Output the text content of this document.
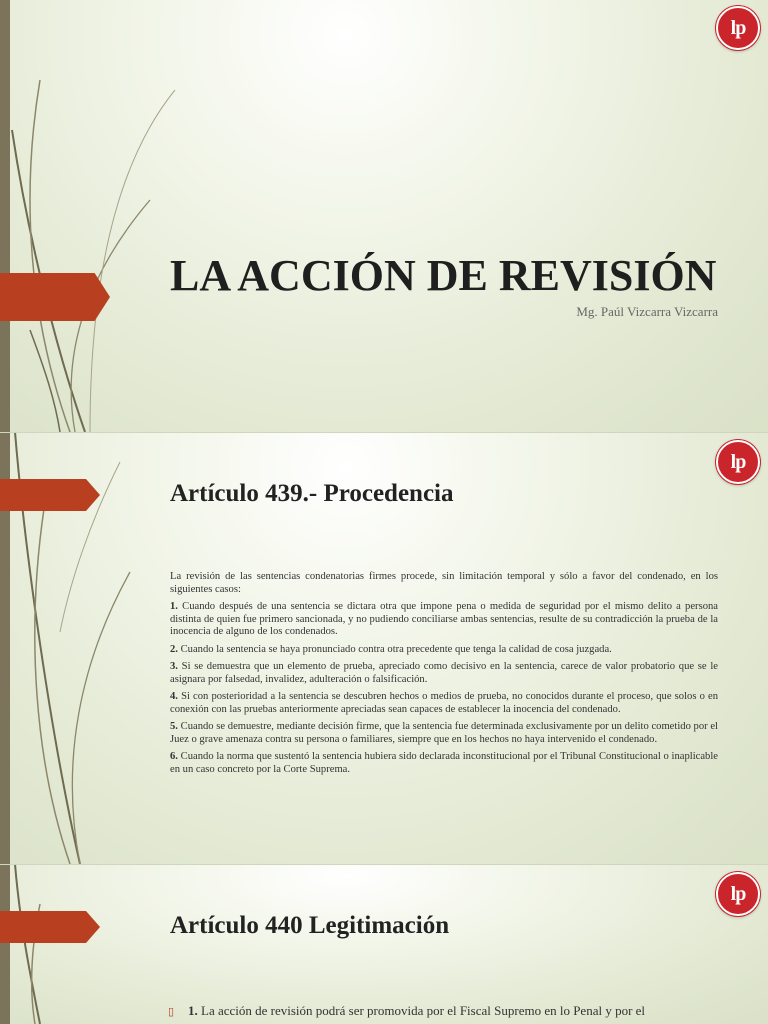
lp
LA ACCIÓN DE REVISIÓN

Mg. Paúl Vizcarra Vizcarra

lp
Artículo 439.- Procedencia

La revisión de las sentencias condenatorias firmes procede, sin limitación temporal y sólo a favor del condenado, en los siguientes casos:

1. Cuando después de una sentencia se dictara otra que impone pena o medida de seguridad por el mismo delito a persona distinta de quien fue primero sancionada, y no pudiendo conciliarse ambas sentencias, resulte de su contradicción la prueba de la inocencia de alguno de los condenados.

2. Cuando la sentencia se haya pronunciado contra otra precedente que tenga la calidad de cosa juzgada.

3. Si se demuestra que un elemento de prueba, apreciado como decisivo en la sentencia, carece de valor probatorio que se le asignara por falsedad, invalidez, adulteración o falsificación.

4. Si con posterioridad a la sentencia se descubren hechos o medios de prueba, no conocidos durante el proceso, que solos o en conexión con las pruebas anteriormente apreciadas sean capaces de establecer la inocencia del condenado.

5. Cuando se demuestre, mediante decisión firme, que la sentencia fue determinada exclusivamente por un delito cometido por el Juez o grave amenaza contra su persona o familiares, siempre que en los hechos no haya intervenido el condenado.

6. Cuando la norma que sustentó la sentencia hubiera sido declarada inconstitucional por el Tribunal Constitucional o inaplicable en un caso concreto por la Corte Suprema.

lp
Artículo 440 Legitimación
▯ 1. La acción de revisión podrá ser promovida por el Fiscal Supremo en lo Penal y por el
